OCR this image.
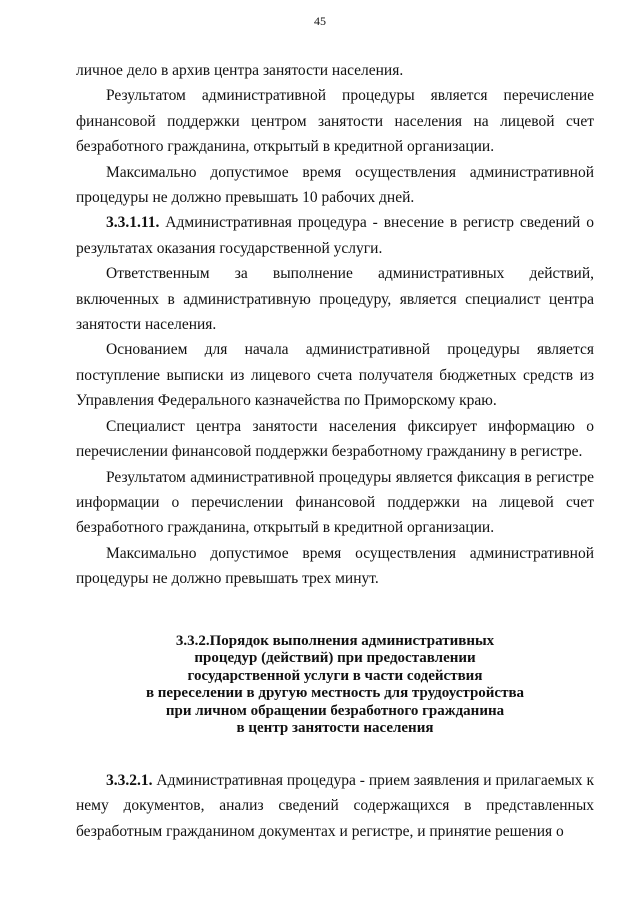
45

личное дело в архив центра занятости населения.

Результатом административной процедуры является перечисление финансовой поддержки центром занятости населения на лицевой счет безработного гражданина, открытый в кредитной организации.

Максимально допустимое время осуществления административной процедуры не должно превышать 10 рабочих дней.

3.3.1.11. Административная процедура - внесение в регистр сведений о результатах оказания государственной услуги.

Ответственным за выполнение административных действий, включенных в административную процедуру, является специалист центра занятости населения.

Основанием для начала административной процедуры является поступление выписки из лицевого счета получателя бюджетных средств из Управления Федерального казначейства по Приморскому краю.

Специалист центра занятости населения фиксирует информацию о перечислении финансовой поддержки безработному гражданину в регистре.

Результатом административной процедуры является фиксация в регистре информации о перечислении финансовой поддержки на лицевой счет безработного гражданина, открытый в кредитной организации.

Максимально допустимое время осуществления административной процедуры не должно превышать трех минут.

3.3.2.Порядок выполнения административных
процедур (действий) при предоставлении
государственной услуги в части содействия
в переселении в другую местность для трудоустройства
при личном обращении безработного гражданина
в центр занятости населения

3.3.2.1. Административная процедура - прием заявления и прилагаемых к нему документов, анализ сведений содержащихся в представленных безработным гражданином документах и регистре, и принятие решения о
